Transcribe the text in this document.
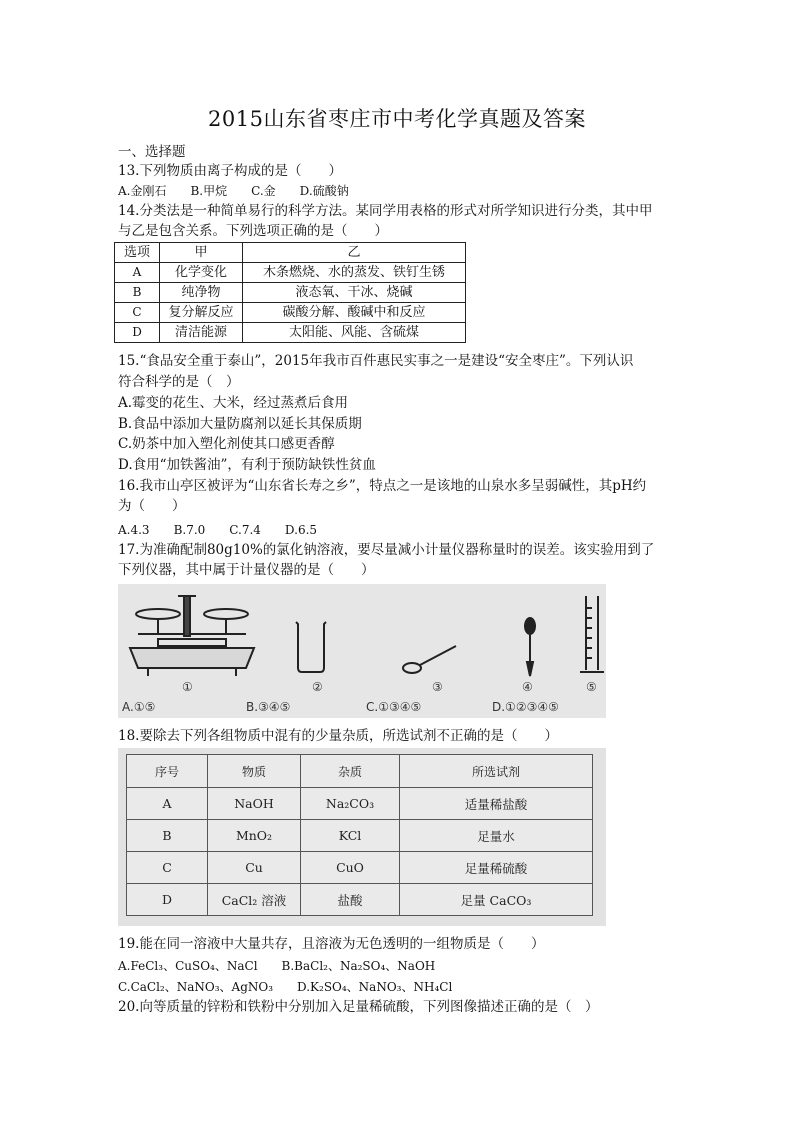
2015山东省枣庄市中考化学真题及答案
一、选择题
13.下列物质由离子构成的是（　　）
A.金刚石　　B.甲烷　　C.金　　D.硫酸钠
14.分类法是一种简单易行的科学方法。某同学用表格的形式对所学知识进行分类，其中甲
与乙是包含关系。下列选项正确的是（　　）
选项	甲	乙
A	化学变化	木条燃烧、水的蒸发、铁钉生锈
B	纯净物	液态氧、干冰、烧碱
C	复分解反应	碳酸分解、酸碱中和反应
D	清洁能源	太阳能、风能、含硫煤
15.“食品安全重于泰山”，2015年我市百件惠民实事之一是建设“安全枣庄”。下列认识
符合科学的是（　）
A.霉变的花生、大米，经过蒸煮后食用
B.食品中添加大量防腐剂以延长其保质期
C.奶茶中加入塑化剂使其口感更香醇
D.食用“加铁酱油”，有利于预防缺铁性贫血
16.我市山亭区被评为“山东省长寿之乡”，特点之一是该地的山泉水多呈弱碱性，其pH约
为（　　）
A.4.3　　B.7.0　　C.7.4　　D.6.5
17.为准确配制80g10%的氯化钠溶液，要尽量减小计量仪器称量时的误差。该实验用到了
下列仪器，其中属于计量仪器的是（　　）
①	②	③	④	⑤
A.①⑤	B.③④⑤	C.①③④⑤	D.①②③④⑤
18.要除去下列各组物质中混有的少量杂质，所选试剂不正确的是（　　）
序号	物质	杂质	所选试剂
A	NaOH	Na₂CO₃	适量稀盐酸
B	MnO₂	KCl	足量水
C	Cu	CuO	足量稀硫酸
D	CaCl₂ 溶液	盐酸	足量 CaCO₃
19.能在同一溶液中大量共存，且溶液为无色透明的一组物质是（　　）
A.FeCl₃、CuSO₄、NaCl　　B.BaCl₂、Na₂SO₄、NaOH
C.CaCl₂、NaNO₃、AgNO₃　　D.K₂SO₄、NaNO₃、NH₄Cl
20.向等质量的锌粉和铁粉中分别加入足量稀硫酸，下列图像描述正确的是（　）
